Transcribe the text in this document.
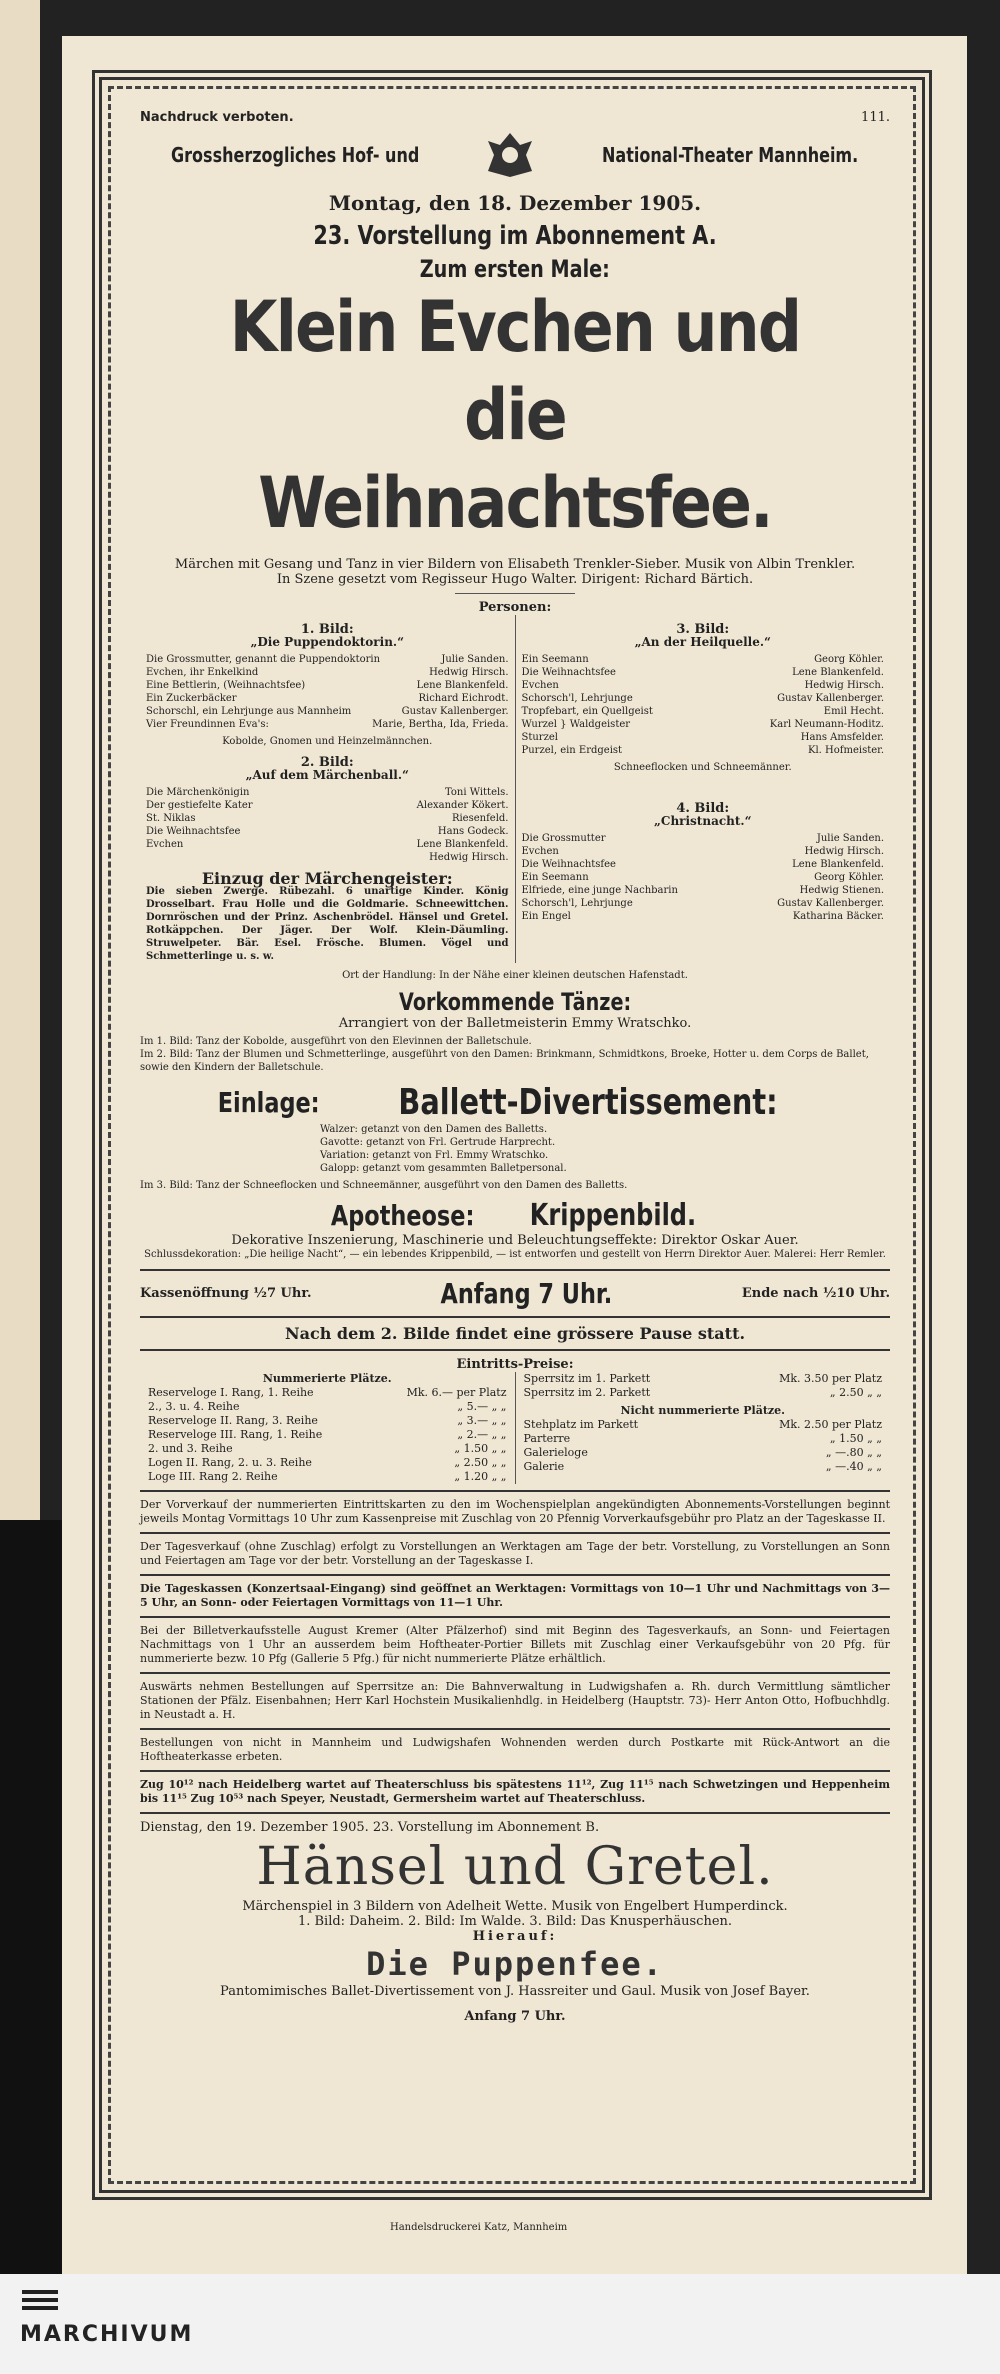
Nachdruck verboten.	111.
Grossherzogliches Hof- und	National-Theater Mannheim.
Montag, den 18. Dezember 1905.
23. Vorstellung im Abonnement A.
Zum ersten Male:
Klein Evchen und die
Weihnachtsfee.
Märchen mit Gesang und Tanz in vier Bildern von Elisabeth Trenkler-Sieber. Musik von Albin Trenkler.
In Szene gesetzt vom Regisseur Hugo Walter. Dirigent: Richard Bärtich.
Personen:
1. Bild:
„Die Puppendoktorin.“
Die Grossmutter, genannt die Puppendoktorin	Julie Sanden.
Evchen, ihr Enkelkind	Hedwig Hirsch.
Eine Bettlerin, (Weihnachtsfee)	Lene Blankenfeld.
Ein Zuckerbäcker	Richard Eichrodt.
Schorschl, ein Lehrjunge aus Mannheim	Gustav Kallenberger.
Vier Freundinnen Eva's:	Marie, Bertha, Ida, Frieda.
Kobolde, Gnomen und Heinzelmännchen.
2. Bild:
„Auf dem Märchenball.“
Die Märchenkönigin	Toni Wittels.
Der gestiefelte Kater	Alexander Kökert.
St. Niklas	Riesenfeld.
Die Weihnachtsfee	Hans Godeck.
Evchen	Lene Blankenfeld.
Hedwig Hirsch.
Einzug der Märchengeister:
Die sieben Zwerge. Rübezahl. 6 unartige Kinder. König Drosselbart. Frau Holle und die Goldmarie. Schneewittchen. Dornröschen und der Prinz. Aschenbrödel. Hänsel und Gretel. Rotkäppchen. Der Jäger. Der Wolf. Klein-Däumling. Struwelpeter. Bär. Esel. Frösche. Blumen. Vögel und Schmetterlinge u. s. w.
3. Bild:
„An der Heilquelle.“
Ein Seemann	Georg Köhler.
Die Weihnachtsfee	Lene Blankenfeld.
Evchen	Hedwig Hirsch.
Schorsch'l, Lehrjunge	Gustav Kallenberger.
Tropfebart, ein Quellgeist	Emil Hecht.
Wurzel } Waldgeister	Karl Neumann-Hoditz.
Sturzel	Hans Amsfelder.
Purzel, ein Erdgeist	Kl. Hofmeister.
Schneeflocken und Schneemänner.
4. Bild:
„Christnacht.“
Die Grossmutter	Julie Sanden.
Evchen	Hedwig Hirsch.
Die Weihnachtsfee	Lene Blankenfeld.
Ein Seemann	Georg Köhler.
Elfriede, eine junge Nachbarin	Hedwig Stienen.
Schorsch'l, Lehrjunge	Gustav Kallenberger.
Ein Engel	Katharina Bäcker.
Ort der Handlung: In der Nähe einer kleinen deutschen Hafenstadt.
Vorkommende Tänze:
Arrangiert von der Balletmeisterin Emmy Wratschko.
Im 1. Bild: Tanz der Kobolde, ausgeführt von den Elevinnen der Balletschule.
Im 2. Bild: Tanz der Blumen und Schmetterlinge, ausgeführt von den Damen: Brinkmann, Schmidtkons, Broeke, Hotter u. dem Corps de Ballet, sowie den Kindern der Balletschule.
Einlage: Ballett-Divertissement:
Walzer: getanzt von den Damen des Balletts.
Gavotte: getanzt von Frl. Gertrude Harprecht.
Variation: getanzt von Frl. Emmy Wratschko.
Galopp: getanzt vom gesammten Balletpersonal.
Im 3. Bild: Tanz der Schneeflocken und Schneemänner, ausgeführt von den Damen des Balletts.
Apotheose: Krippenbild.
Dekorative Inszenierung, Maschinerie und Beleuchtungseffekte: Direktor Oskar Auer.
Schlussdekoration: „Die heilige Nacht“, — ein lebendes Krippenbild, — ist entworfen und gestellt von Herrn Direktor Auer. Malerei: Herr Remler.
Kassenöffnung ½7 Uhr.	Anfang 7 Uhr.	Ende nach ½10 Uhr.
Nach dem 2. Bilde findet eine grössere Pause statt.
Eintritts-Preise:
Nummerierte Plätze.
Reserveloge I. Rang, 1. Reihe	Mk. 6.— per Platz
2., 3. u. 4. Reihe	„ 5.— „ „
Reserveloge II. Rang, 3. Reihe	„ 3.— „ „
Reserveloge III. Rang, 1. Reihe	„ 2.— „ „
2. und 3. Reihe	„ 1.50 „ „
Logen II. Rang, 2. u. 3. Reihe	„ 2.50 „ „
Loge III. Rang 2. Reihe	„ 1.20 „ „
Sperrsitz im 1. Parkett	Mk. 3.50 per Platz
Sperrsitz im 2. Parkett	„ 2.50 „ „
Nicht nummerierte Plätze.
Stehplatz im Parkett	Mk. 2.50 per Platz
Parterre	„ 1.50 „ „
Galerieloge	„ —.80 „ „
Galerie	„ —.40 „ „
Der Vorverkauf der nummerierten Eintrittskarten zu den im Wochenspielplan angekündigten Abonnements-Vorstellungen beginnt jeweils Montag Vormittags 10 Uhr zum Kassenpreise mit Zuschlag von 20 Pfennig Vorverkaufsgebühr pro Platz an der Tageskasse II.
Der Tagesverkauf (ohne Zuschlag) erfolgt zu Vorstellungen an Werktagen am Tage der betr. Vorstellung, zu Vorstellungen an Sonn und Feiertagen am Tage vor der betr. Vorstellung an der Tageskasse I.
Die Tageskassen (Konzertsaal-Eingang) sind geöffnet an Werktagen: Vormittags von 10—1 Uhr und Nachmittags von 3—5 Uhr, an Sonn- oder Feiertagen Vormittags von 11—1 Uhr.
Bei der Billetverkaufsstelle August Kremer (Alter Pfälzerhof) sind mit Beginn des Tagesverkaufs, an Sonn- und Feiertagen Nachmittags von 1 Uhr an ausserdem beim Hoftheater-Portier Billets mit Zuschlag einer Verkaufsgebühr von 20 Pfg. für nummerierte bezw. 10 Pfg (Gallerie 5 Pfg.) für nicht nummerierte Plätze erhältlich.
Auswärts nehmen Bestellungen auf Sperrsitze an: Die Bahnverwaltung in Ludwigshafen a. Rh. durch Vermittlung sämtlicher Stationen der Pfälz. Eisenbahnen; Herr Karl Hochstein Musikalienhdlg. in Heidelberg (Hauptstr. 73)- Herr Anton Otto, Hofbuchhdlg. in Neustadt a. H.
Bestellungen von nicht in Mannheim und Ludwigshafen Wohnenden werden durch Postkarte mit Rück-Antwort an die Hoftheaterkasse erbeten.
Zug 10¹² nach Heidelberg wartet auf Theaterschluss bis spätestens 11¹², Zug 11¹⁵ nach Schwetzingen und Heppenheim bis 11¹⁵ Zug 10⁵³ nach Speyer, Neustadt, Germersheim wartet auf Theaterschluss.
Dienstag, den 19. Dezember 1905. 23. Vorstellung im Abonnement B.
Hänsel und Gretel.
Märchenspiel in 3 Bildern von Adelheit Wette. Musik von Engelbert Humperdinck.
1. Bild: Daheim. 2. Bild: Im Walde. 3. Bild: Das Knusperhäuschen.
Hierauf:
Die Puppenfee.
Pantomimisches Ballet-Divertissement von J. Hassreiter und Gaul. Musik von Josef Bayer.
Anfang 7 Uhr.
Handelsdruckerei Katz, Mannheim
MARCHIVUM
